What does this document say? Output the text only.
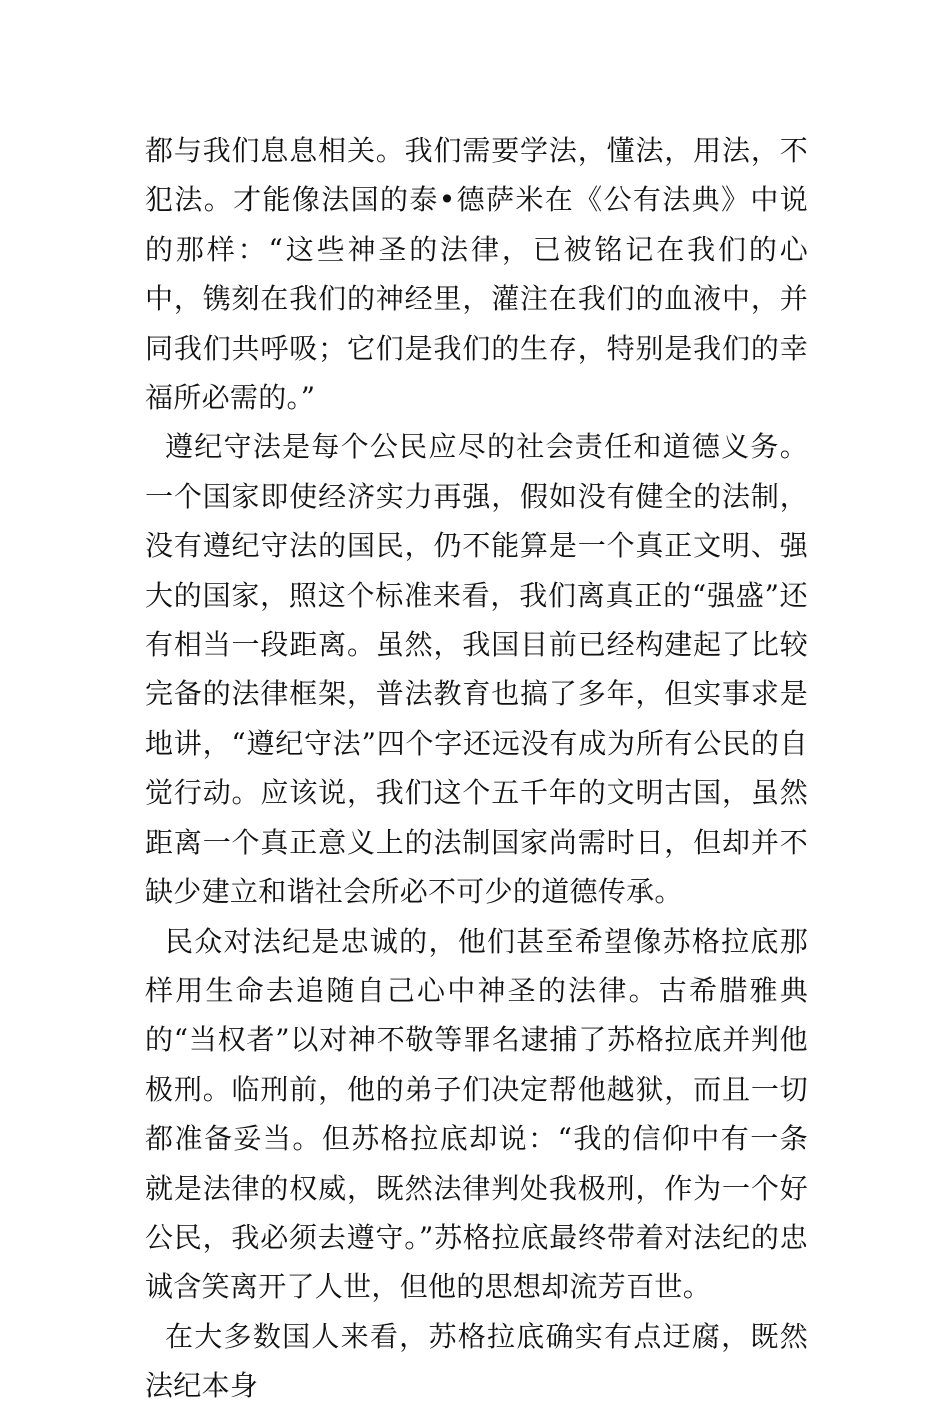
都与我们息息相关。我们需要学法，懂法，用法，不犯法。才能像法国的泰•德萨米在《公有法典》中说的那样：“这些神圣的法律，已被铭记在我们的心中，镌刻在我们的神经里，灌注在我们的血液中，并同我们共呼吸；它们是我们的生存，特别是我们的幸福所必需的。”

遵纪守法是每个公民应尽的社会责任和道德义务。一个国家即使经济实力再强，假如没有健全的法制，没有遵纪守法的国民，仍不能算是一个真正文明、强大的国家，照这个标准来看，我们离真正的“强盛”还有相当一段距离。虽然，我国目前已经构建起了比较完备的法律框架，普法教育也搞了多年，但实事求是地讲，“遵纪守法”四个字还远没有成为所有公民的自觉行动。应该说，我们这个五千年的文明古国，虽然距离一个真正意义上的法制国家尚需时日，但却并不缺少建立和谐社会所必不可少的道德传承。

民众对法纪是忠诚的，他们甚至希望像苏格拉底那样用生命去追随自己心中神圣的法律。古希腊雅典的“当权者”以对神不敬等罪名逮捕了苏格拉底并判他极刑。临刑前，他的弟子们决定帮他越狱，而且一切都准备妥当。但苏格拉底却说：“我的信仰中有一条就是法律的权威，既然法律判处我极刑，作为一个好公民，我必须去遵守。”苏格拉底最终带着对法纪的忠诚含笑离开了人世，但他的思想却流芳百世。

在大多数国人来看，苏格拉底确实有点迂腐，既然法纪本身
